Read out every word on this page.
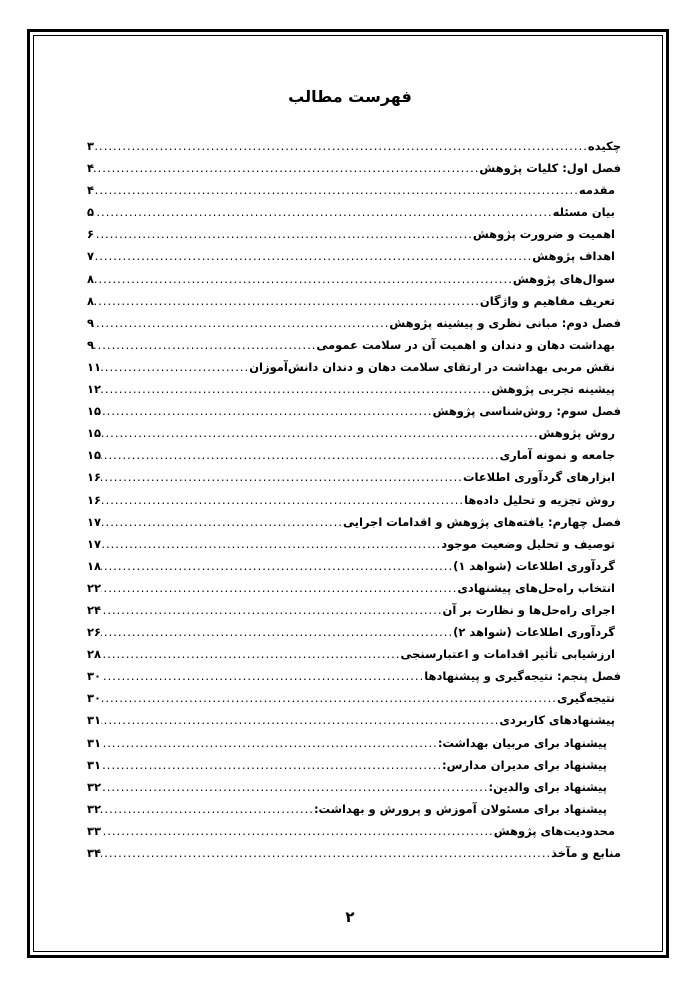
فهرست مطالب
چکیده
.....
۳
فصل اول: کلیات پژوهش
.....
۴
مقدمه
.....
۴
بیان مسئله
.....
۵
اهمیت و ضرورت پژوهش
.....
۶
اهداف پژوهش
.....
۷
سوال‌های پژوهش
.....
۸
تعریف مفاهیم و واژگان
.....
۸
فصل دوم: مبانی نظری و پیشینه پژوهش
.....
۹
بهداشت دهان و دندان و اهمیت آن در سلامت عمومی
.....
۹
نقش مربی بهداشت در ارتقای سلامت دهان و دندان دانش‌آموزان
.....
۱۱
پیشینه تجربی پژوهش
.....
۱۲
فصل سوم: روش‌شناسی پژوهش
.....
۱۵
روش پژوهش
.....
۱۵
جامعه و نمونه آماری
.....
۱۵
ابزارهای گردآوری اطلاعات
.....
۱۶
روش تجزیه و تحلیل داده‌ها
.....
۱۶
فصل چهارم: یافته‌های پژوهش و اقدامات اجرایی
.....
۱۷
توصیف و تحلیل وضعیت موجود
.....
۱۷
گردآوری اطلاعات (شواهد ۱)
.....
۱۸
انتخاب راه‌حل‌های پیشنهادی
.....
۲۲
اجرای راه‌حل‌ها و نظارت بر آن
.....
۲۴
گردآوری اطلاعات (شواهد ۲)
.....
۲۶
ارزشیابی تأثیر اقدامات و اعتبارسنجی
.....
۲۸
فصل پنجم: نتیجه‌گیری و پیشنهادها
.....
۳۰
نتیجه‌گیری
.....
۳۰
پیشنهادهای کاربردی
.....
۳۱
پیشنهاد برای مربیان بهداشت:
.....
۳۱
پیشنهاد برای مدیران مدارس:
.....
۳۱
پیشنهاد برای والدین:
.....
۳۲
پیشنهاد برای مسئولان آموزش و پرورش و بهداشت:
.....
۳۲
محدودیت‌های پژوهش
.....
۳۳
منابع و مآخذ
.....
۳۴
۲
